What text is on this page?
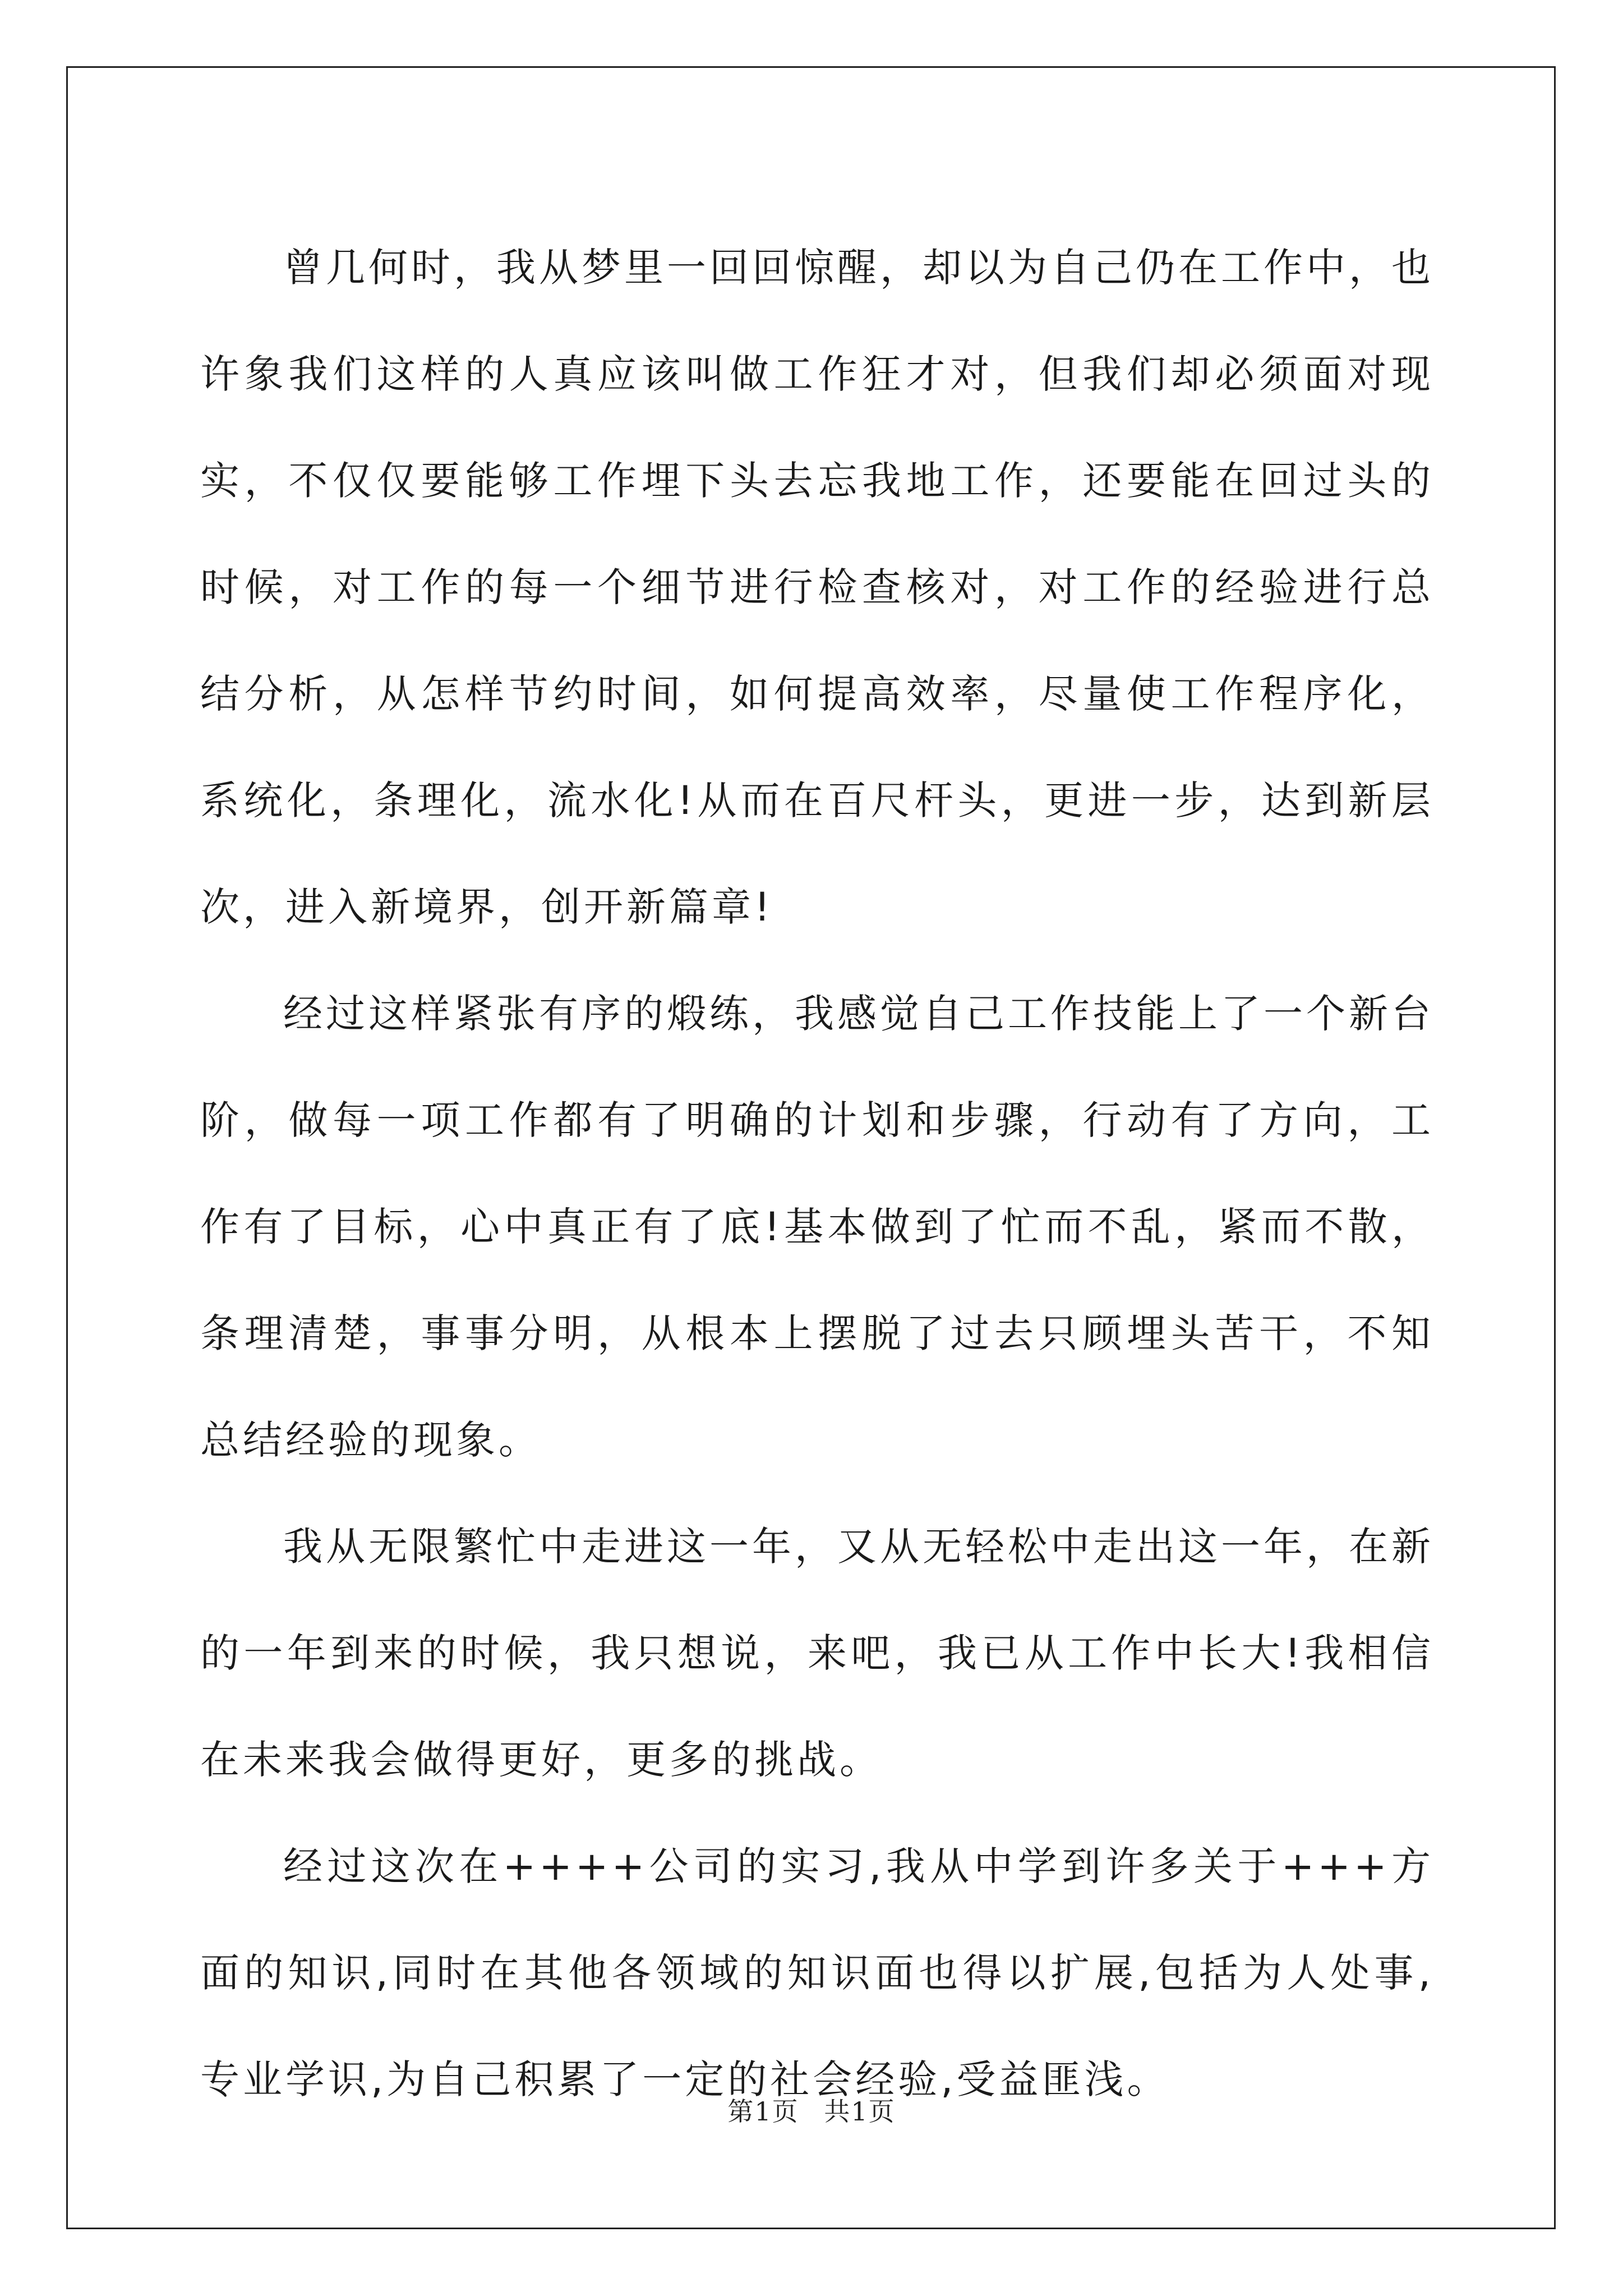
曾几何时，我从梦里一回回惊醒，却以为自己仍在工作中，也许象我们这样的人真应该叫做工作狂才对，但我们却必须面对现实，不仅仅要能够工作埋下头去忘我地工作，还要能在回过头的时候，对工作的每一个细节进行检查核对，对工作的经验进行总结分析，从怎样节约时间，如何提高效率，尽量使工作程序化，系统化，条理化，流水化!从而在百尺杆头，更进一步，达到新层次，进入新境界，创开新篇章!

经过这样紧张有序的煅练，我感觉自己工作技能上了一个新台阶，做每一项工作都有了明确的计划和步骤，行动有了方向，工作有了目标，心中真正有了底!基本做到了忙而不乱，紧而不散，条理清楚，事事分明，从根本上摆脱了过去只顾埋头苦干，不知总结经验的现象。

我从无限繁忙中走进这一年，又从无轻松中走出这一年，在新的一年到来的时候，我只想说，来吧，我已从工作中长大!我相信在未来我会做得更好，更多的挑战。

经过这次在++++公司的实习,我从中学到许多关于+++方面的知识,同时在其他各领域的知识面也得以扩展,包括为人处事,专业学识,为自己积累了一定的社会经验,受益匪浅。

第1页 共1页
